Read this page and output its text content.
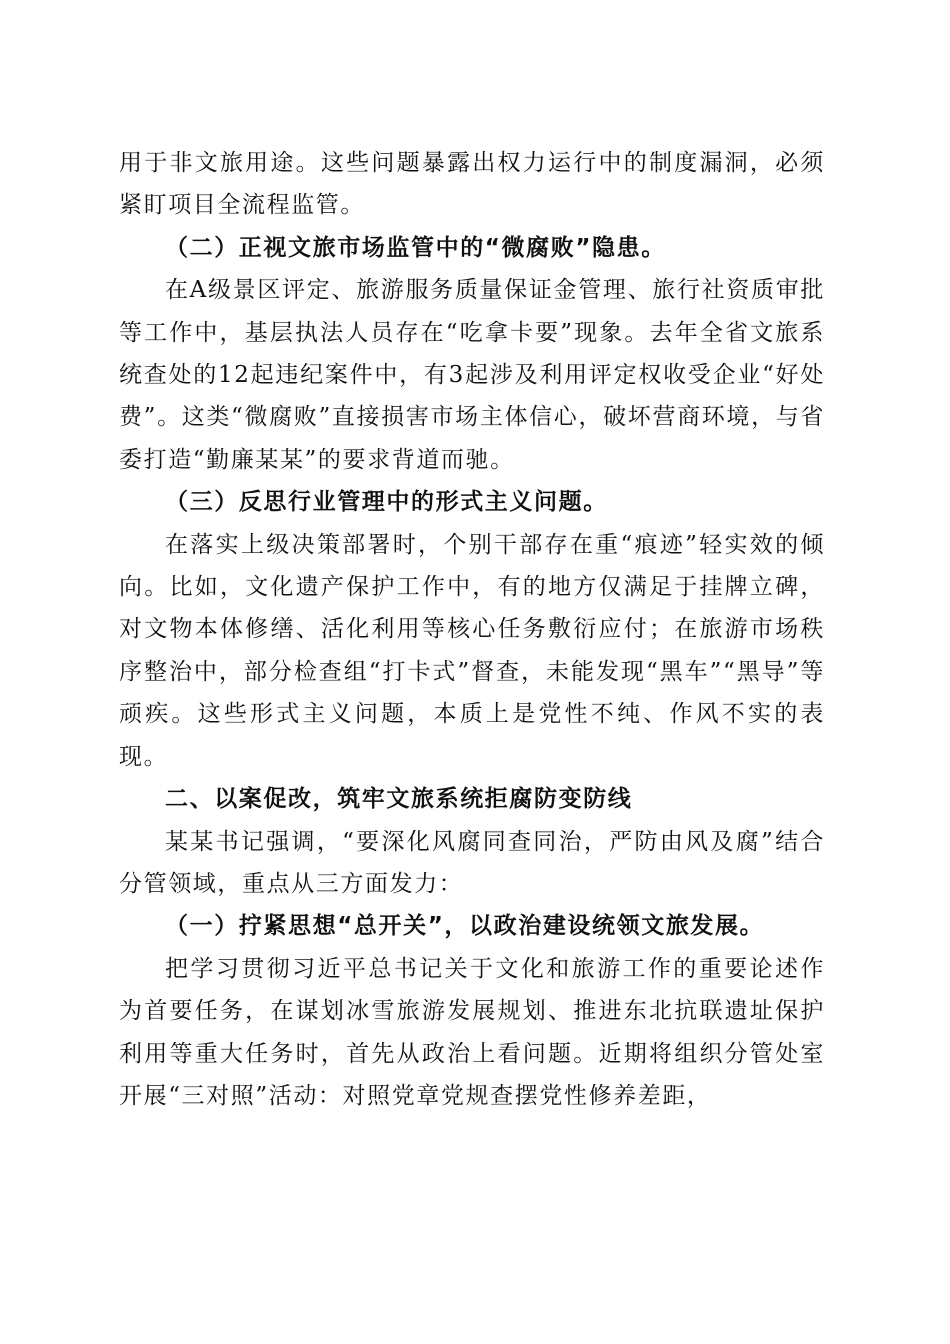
用于非文旅用途。这些问题暴露出权力运行中的制度漏洞，必须紧盯项目全流程监管。

（二）正视文旅市场监管中的“微腐败”隐患。

在A级景区评定、旅游服务质量保证金管理、旅行社资质审批等工作中，基层执法人员存在“吃拿卡要”现象。去年全省文旅系统查处的12起违纪案件中，有3起涉及利用评定权收受企业“好处费”。这类“微腐败”直接损害市场主体信心，破坏营商环境，与省委打造“勤廉某某”的要求背道而驰。

（三）反思行业管理中的形式主义问题。

在落实上级决策部署时，个别干部存在重“痕迹”轻实效的倾向。比如，文化遗产保护工作中，有的地方仅满足于挂牌立碑，对文物本体修缮、活化利用等核心任务敷衍应付；在旅游市场秩序整治中，部分检查组“打卡式”督查，未能发现“黑车”“黑导”等顽疾。这些形式主义问题，本质上是党性不纯、作风不实的表现。

二、以案促改，筑牢文旅系统拒腐防变防线

某某书记强调，“要深化风腐同查同治，严防由风及腐”结合分管领域，重点从三方面发力：

（一）拧紧思想“总开关”，以政治建设统领文旅发展。

把学习贯彻习近平总书记关于文化和旅游工作的重要论述作为首要任务，在谋划冰雪旅游发展规划、推进东北抗联遗址保护利用等重大任务时，首先从政治上看问题。近期将组织分管处室开展“三对照”活动：对照党章党规查摆党性修养差距，
